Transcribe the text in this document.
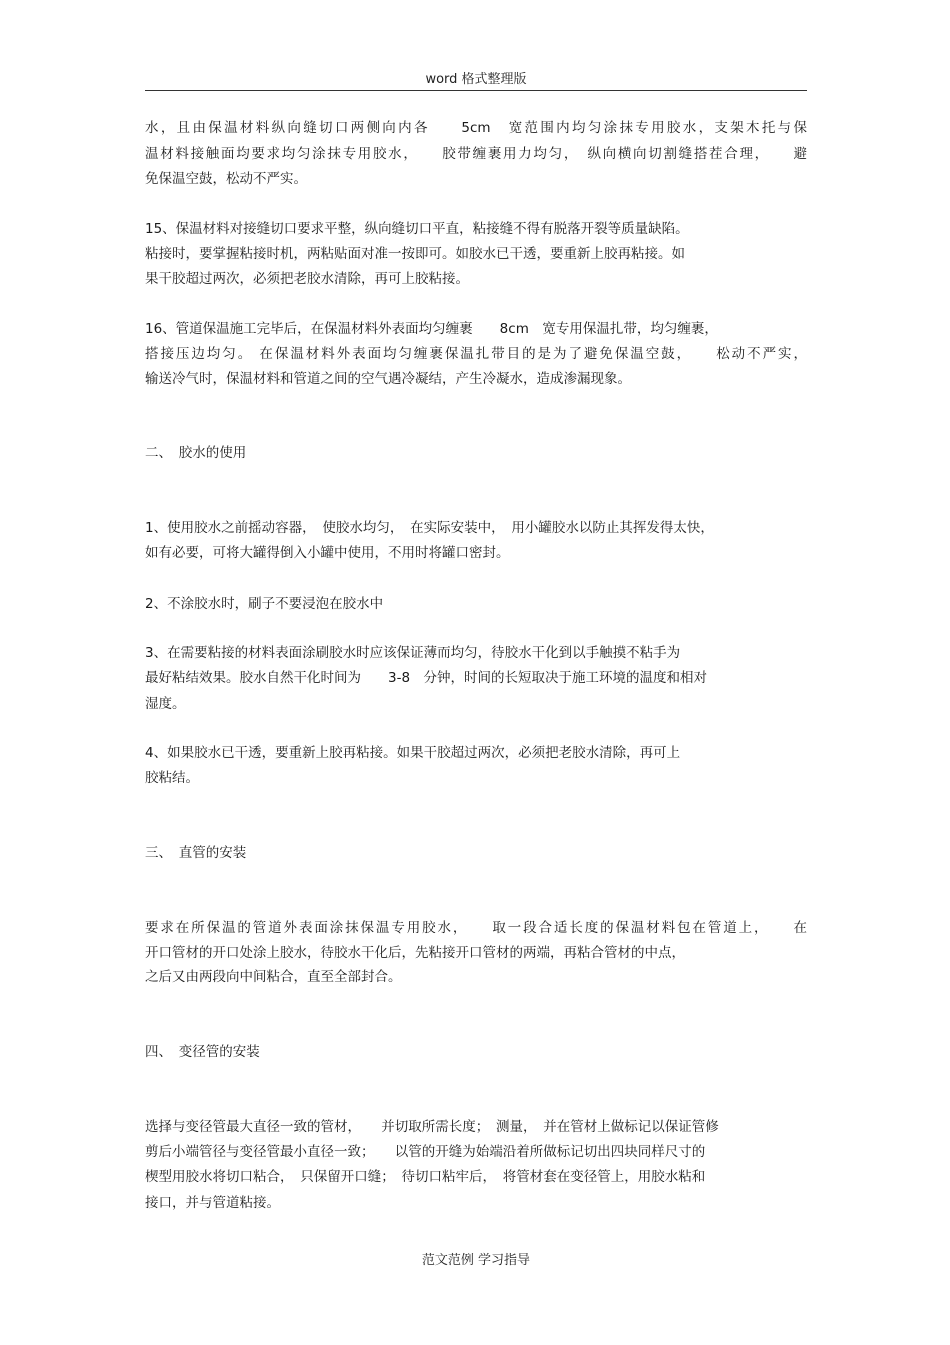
word 格式整理版
水，且由保温材料纵向缝切口两侧向内各　　5cm　宽范围内均匀涂抹专用胶水，支架木托与保
温材料接触面均要求均匀涂抹专用胶水，　　胶带缠裹用力均匀，　纵向横向切割缝搭茬合理，　　避
免保温空鼓，松动不严实。
15、保温材料对接缝切口要求平整，纵向缝切口平直，粘接缝不得有脱落开裂等质量缺陷。
粘接时，要掌握粘接时机，两粘贴面对准一按即可。如胶水已干透，要重新上胶再粘接。如
果干胶超过两次，必须把老胶水清除，再可上胶粘接。
16、管道保温施工完毕后，在保温材料外表面均匀缠裹　　8cm　宽专用保温扎带，均匀缠裹，
搭接压边均匀。 在保温材料外表面均匀缠裹保温扎带目的是为了避免保温空鼓，　　松动不严实，
输送冷气时，保温材料和管道之间的空气遇冷凝结，产生冷凝水，造成渗漏现象。
二、　胶水的使用
1、使用胶水之前摇动容器，　使胶水均匀，　在实际安装中，　用小罐胶水以防止其挥发得太快，
如有必要，可将大罐得倒入小罐中使用，不用时将罐口密封。
2、不涂胶水时，刷子不要浸泡在胶水中
3、在需要粘接的材料表面涂刷胶水时应该保证薄而均匀，待胶水干化到以手触摸不粘手为
最好粘结效果。胶水自然干化时间为　　3-8　分钟，时间的长短取决于施工环境的温度和相对
湿度。
4、如果胶水已干透，要重新上胶再粘接。如果干胶超过两次，必须把老胶水清除，再可上
胶粘结。
三、　直管的安装
要求在所保温的管道外表面涂抹保温专用胶水，　　取一段合适长度的保温材料包在管道上，　　在
开口管材的开口处涂上胶水，待胶水干化后，先粘接开口管材的两端，再粘合管材的中点，
之后又由两段向中间粘合，直至全部封合。
四、　变径管的安装
选择与变径管最大直径一致的管材，　　并切取所需长度；　测量，　并在管材上做标记以保证管修
剪后小端管径与变径管最小直径一致；　　以管的开缝为始端沿着所做标记切出四块同样尺寸的
楔型用胶水将切口粘合，　只保留开口缝；　待切口粘牢后，　将管材套在变径管上，用胶水粘和
接口，并与管道粘接。
范文范例 学习指导
